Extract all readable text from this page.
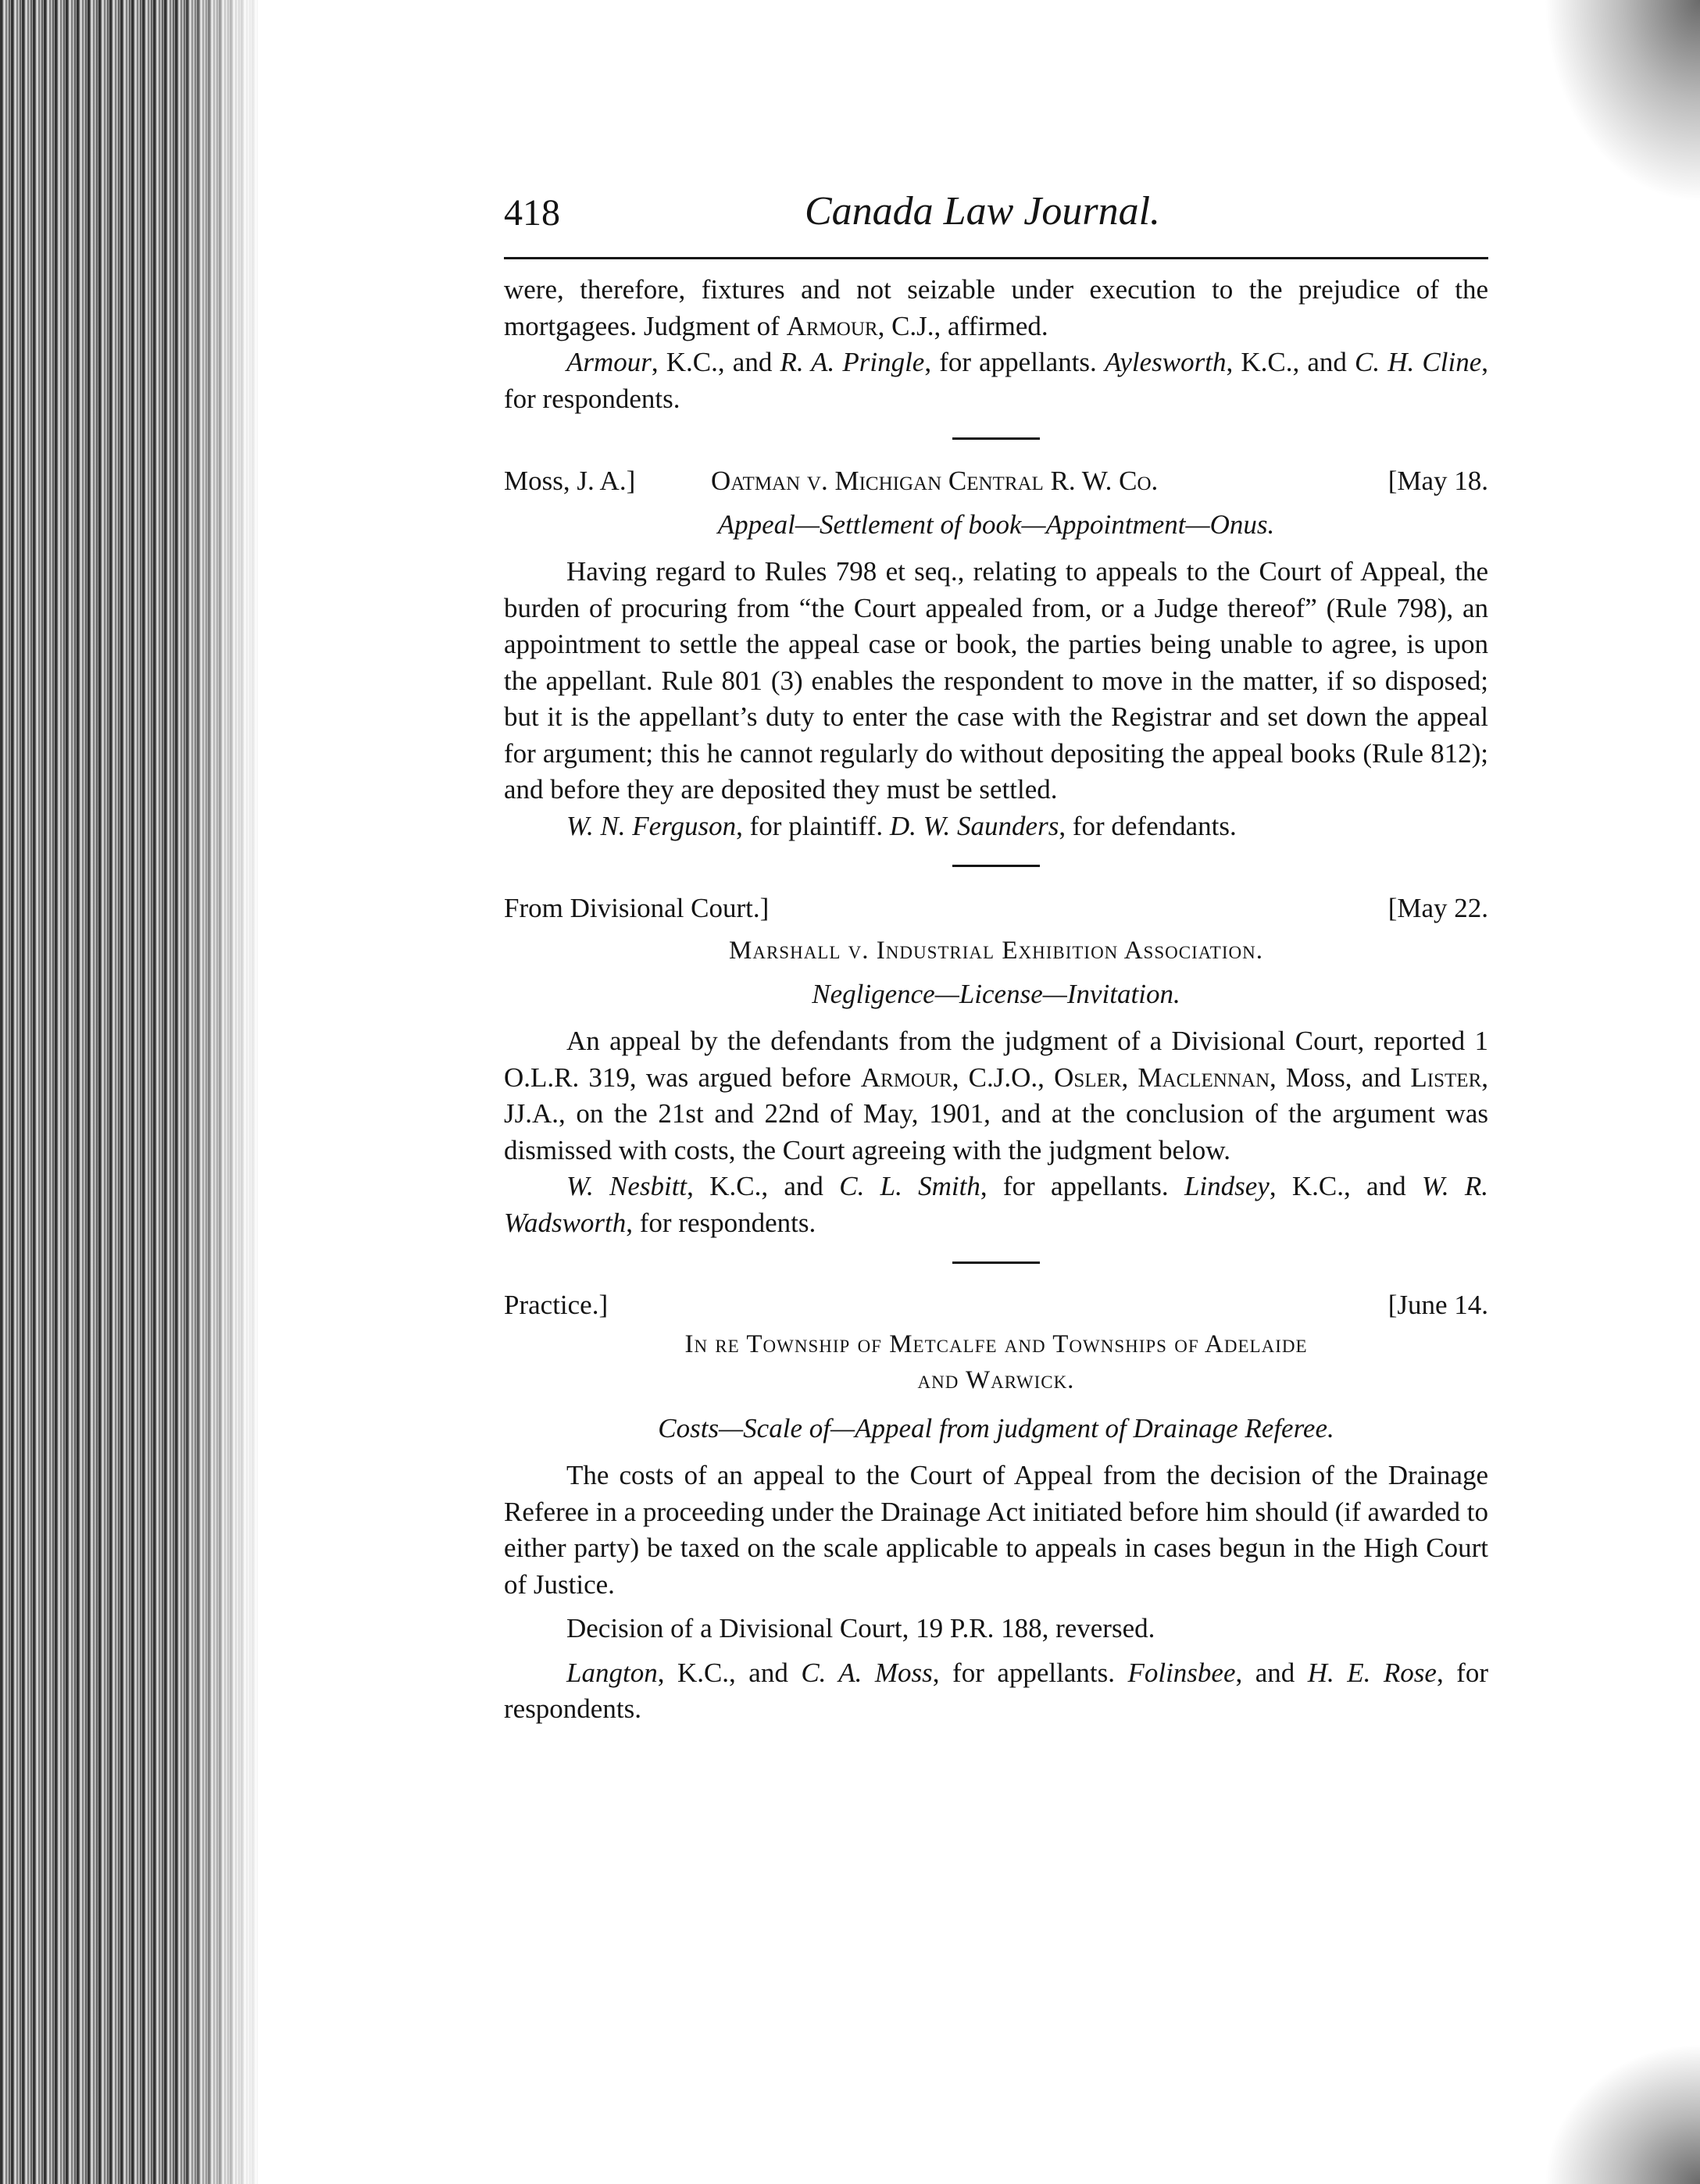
418	Canada Law Journal.

were, therefore, fixtures and not seizable under execution to the prejudice of the mortgagees. Judgment of Armour, C.J., affirmed.

Armour, K.C., and R. A. Pringle, for appellants. Aylesworth, K.C., and C. H. Cline, for respondents.

Moss, J. A.]	Oatman v. Michigan Central R. W. Co.	[May 18.

Appeal—Settlement of book—Appointment—Onus.

Having regard to Rules 798 et seq., relating to appeals to the Court of Appeal, the burden of procuring from “the Court appealed from, or a Judge thereof” (Rule 798), an appointment to settle the appeal case or book, the parties being unable to agree, is upon the appellant. Rule 801 (3) enables the respondent to move in the matter, if so disposed; but it is the appellant’s duty to enter the case with the Registrar and set down the appeal for argument; this he cannot regularly do without depositing the appeal books (Rule 812); and before they are deposited they must be settled.

W. N. Ferguson, for plaintiff. D. W. Saunders, for defendants.

From Divisional Court.]	[May 22.

Marshall v. Industrial Exhibition Association.

Negligence—License—Invitation.

An appeal by the defendants from the judgment of a Divisional Court, reported 1 O.L.R. 319, was argued before Armour, C.J.O., Osler, Maclennan, Moss, and Lister, JJ.A., on the 21st and 22nd of May, 1901, and at the conclusion of the argument was dismissed with costs, the Court agreeing with the judgment below.

W. Nesbitt, K.C., and C. L. Smith, for appellants. Lindsey, K.C., and W. R. Wadsworth, for respondents.

Practice.]	[June 14.

In re Township of Metcalfe and Townships of Adelaide

and Warwick.

Costs—Scale of—Appeal from judgment of Drainage Referee.

The costs of an appeal to the Court of Appeal from the decision of the Drainage Referee in a proceeding under the Drainage Act initiated before him should (if awarded to either party) be taxed on the scale applicable to appeals in cases begun in the High Court of Justice.

Decision of a Divisional Court, 19 P.R. 188, reversed.

Langton, K.C., and C. A. Moss, for appellants. Folinsbee, and H. E. Rose, for respondents.
